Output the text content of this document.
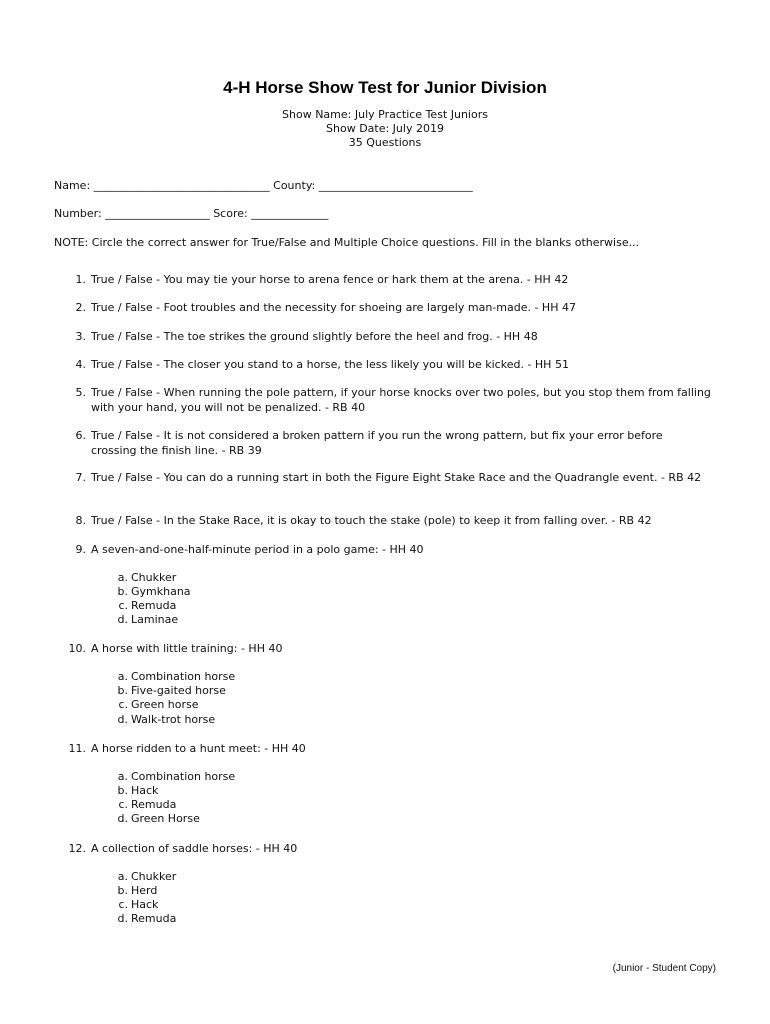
4-H Horse Show Test for Junior Division
Show Name: July Practice Test Juniors
Show Date: July 2019
35 Questions
Name: ________________________________ County: ____________________________
Number: ___________________ Score: ______________
NOTE: Circle the correct answer for True/False and Multiple Choice questions. Fill in the blanks otherwise...
1. True / False - You may tie your horse to arena fence or hark them at the arena. - HH 42
2. True / False - Foot troubles and the necessity for shoeing are largely man-made. - HH 47
3. True / False - The toe strikes the ground slightly before the heel and frog. - HH 48
4. True / False - The closer you stand to a horse, the less likely you will be kicked. - HH 51
5. True / False - When running the pole pattern, if your horse knocks over two poles, but you stop them from falling with your hand, you will not be penalized. - RB 40
6. True / False - It is not considered a broken pattern if you run the wrong pattern, but fix your error before crossing the finish line. - RB 39
7. True / False - You can do a running start in both the Figure Eight Stake Race and the Quadrangle event. - RB 42
8. True / False - In the Stake Race, it is okay to touch the stake (pole) to keep it from falling over. - RB 42
9. A seven-and-one-half-minute period in a polo game: - HH 40
a. Chukker
b. Gymkhana
c. Remuda
d. Laminae
10. A horse with little training: - HH 40
a. Combination horse
b. Five-gaited horse
c. Green horse
d. Walk-trot horse
11. A horse ridden to a hunt meet: - HH 40
a. Combination horse
b. Hack
c. Remuda
d. Green Horse
12. A collection of saddle horses: - HH 40
a. Chukker
b. Herd
c. Hack
d. Remuda
(Junior - Student Copy)
